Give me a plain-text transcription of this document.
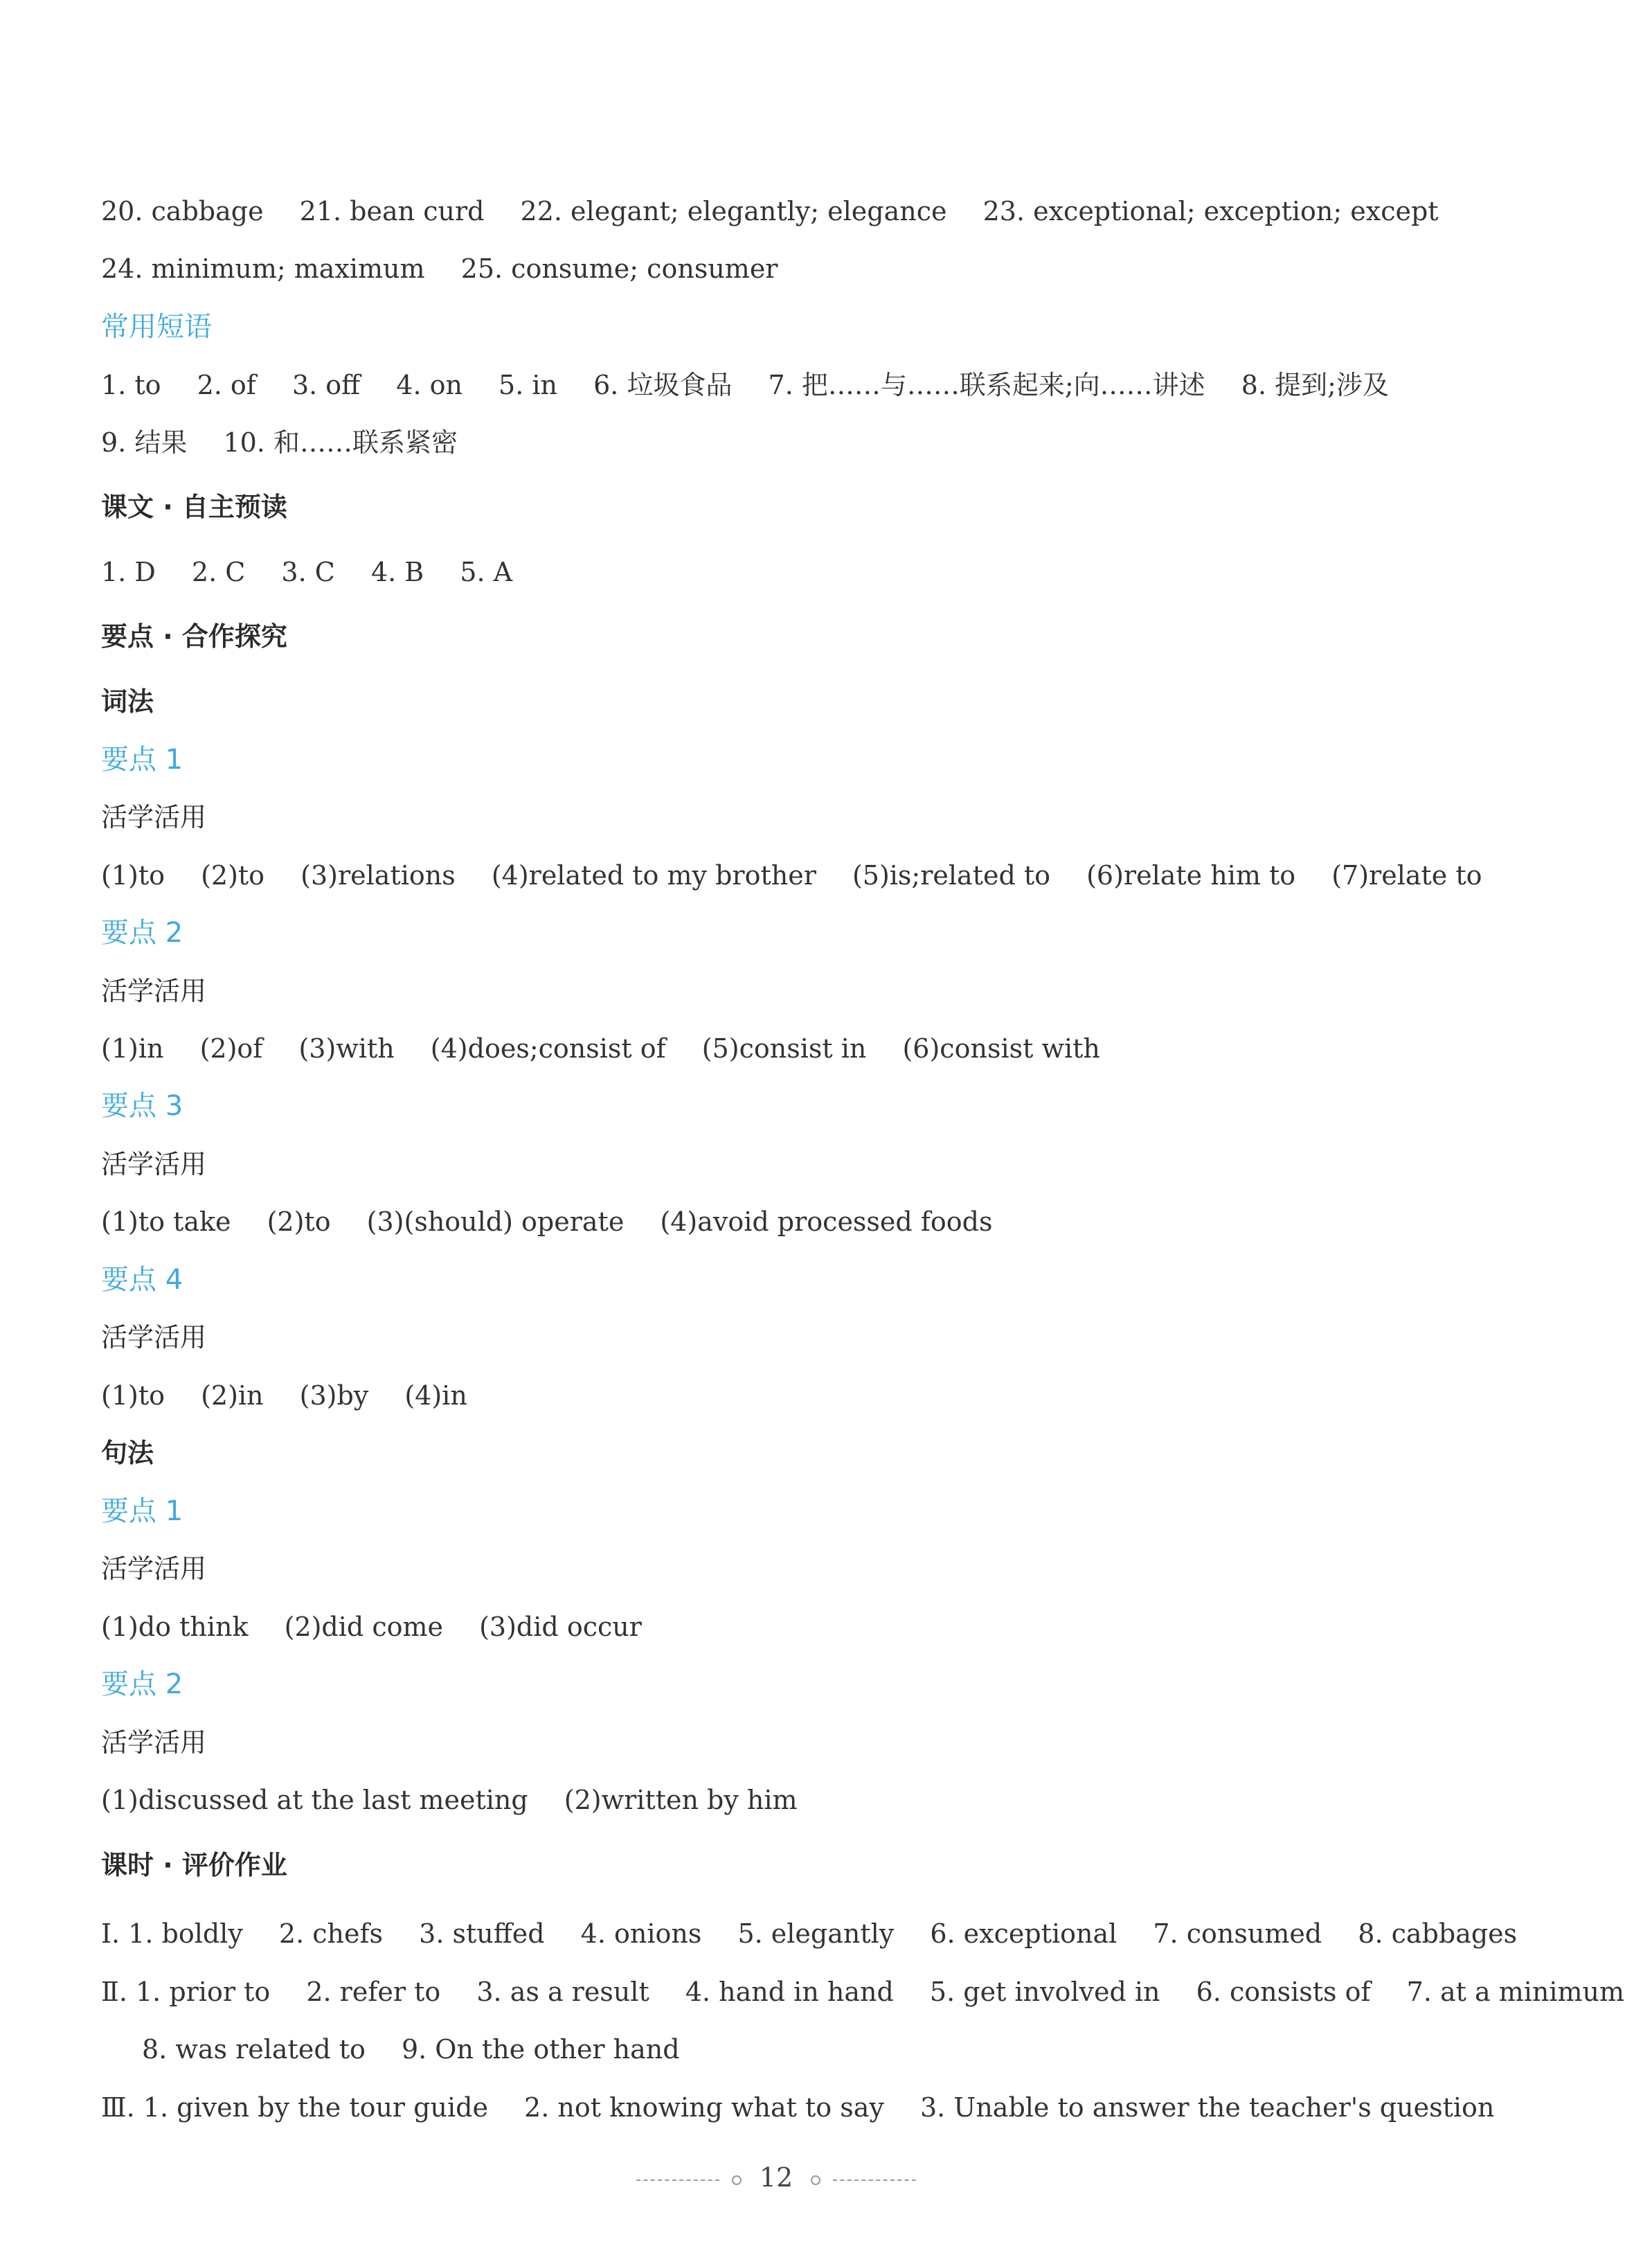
20. cabbage 21. bean curd 22. elegant; elegantly; elegance 23. exceptional; exception; except
24. minimum; maximum 25. consume; consumer
常用短语
1. to 2. of 3. off 4. on 5. in 6. 垃圾食品 7. 把……与……联系起来;向……讲述 8. 提到;涉及
9. 结果 10. 和……联系紧密
课文 · 自主预读
1. D 2. C 3. C 4. B 5. A
要点 · 合作探究
词法
要点 1
活学活用
(1)to (2)to (3)relations (4)related to my brother (5)is;related to (6)relate him to (7)relate to
要点 2
活学活用
(1)in (2)of (3)with (4)does;consist of (5)consist in (6)consist with
要点 3
活学活用
(1)to take (2)to (3)(should) operate (4)avoid processed foods
要点 4
活学活用
(1)to (2)in (3)by (4)in
句法
要点 1
活学活用
(1)do think (2)did come (3)did occur
要点 2
活学活用
(1)discussed at the last meeting (2)written by him
课时 · 评价作业
Ⅰ. 1. boldly 2. chefs 3. stuffed 4. onions 5. elegantly 6. exceptional 7. consumed 8. cabbages
Ⅱ. 1. prior to 2. refer to 3. as a result 4. hand in hand 5. get involved in 6. consists of 7. at a minimum
8. was related to 9. On the other hand
Ⅲ. 1. given by the tour guide 2. not knowing what to say 3. Unable to answer the teacher's question
12
